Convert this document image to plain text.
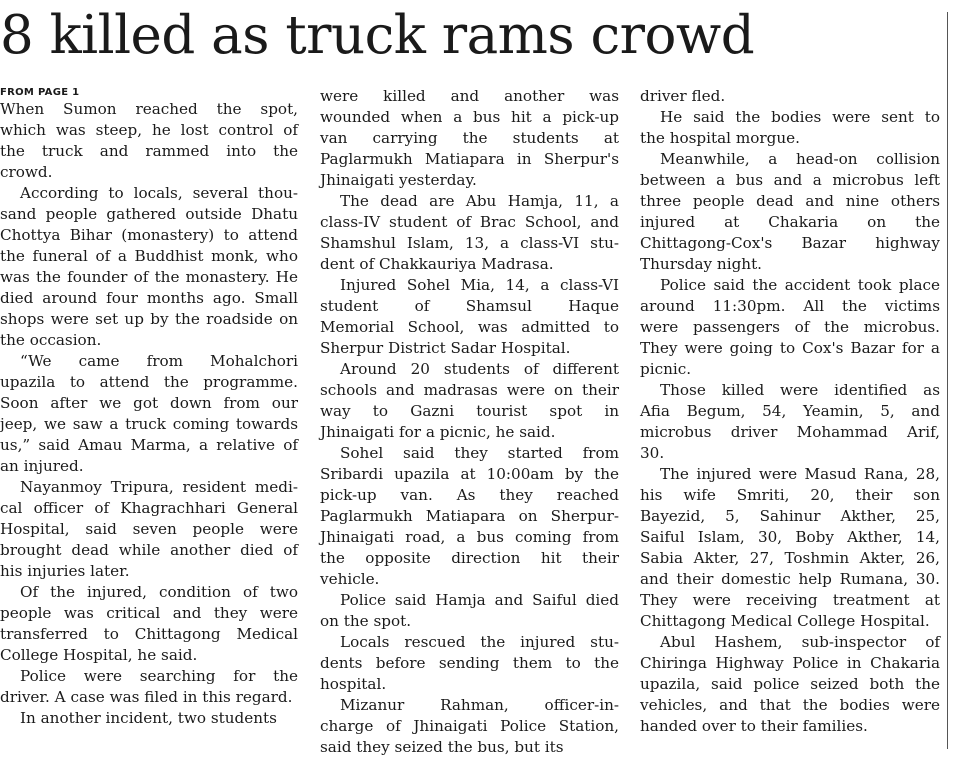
8 killed as truck rams crowd
FROM PAGE 1

When Sumon reached the spot,
which was steep, he lost control of
the truck and rammed into the
crowd.

According to locals, several thou-
sand people gathered outside Dhatu
Chottya Bihar (monastery) to attend
the funeral of a Buddhist monk, who
was the founder of the monastery. He
died around four months ago. Small
shops were set up by the roadside on
the occasion.

“We came from Mohalchori
upazila to attend the programme.
Soon after we got down from our
jeep, we saw a truck coming towards
us,” said Amau Marma, a relative of
an injured.

Nayanmoy Tripura, resident medi-
cal officer of Khagrachhari General
Hospital, said seven people were
brought dead while another died of
his injuries later.

Of the injured, condition of two
people was critical and they were
transferred to Chittagong Medical
College Hospital, he said.

Police were searching for the
driver. A case was filed in this regard.

In another incident, two students

were killed and another was
wounded when a bus hit a pick-up
van carrying the students at
Paglarmukh Matiapara in Sherpur's
Jhinaigati yesterday.

The dead are Abu Hamja, 11, a
class-IV student of Brac School, and
Shamshul Islam, 13, a class-VI stu-
dent of Chakkauriya Madrasa.

Injured Sohel Mia, 14, a class-VI
student of Shamsul Haque
Memorial School, was admitted to
Sherpur District Sadar Hospital.

Around 20 students of different
schools and madrasas were on their
way to Gazni tourist spot in
Jhinaigati for a picnic, he said.

Sohel said they started from
Sribardi upazila at 10:00am by the
pick-up van. As they reached
Paglarmukh Matiapara on Sherpur-
Jhinaigati road, a bus coming from
the opposite direction hit their vehicle.

Police said Hamja and Saiful died
on the spot.

Locals rescued the injured stu-
dents before sending them to the
hospital.

Mizanur Rahman, officer-in-
charge of Jhinaigati Police Station,
said they seized the bus, but its

driver fled.

He said the bodies were sent to
the hospital morgue.

Meanwhile, a head-on collision
between a bus and a microbus left
three people dead and nine others
injured at Chakaria on the
Chittagong-Cox's Bazar highway
Thursday night.

Police said the accident took place
around 11:30pm. All the victims
were passengers of the microbus.
They were going to Cox's Bazar for a
picnic.

Those killed were identified as
Afia Begum, 54, Yeamin, 5, and
microbus driver Mohammad Arif,
30.

The injured were Masud Rana, 28,
his wife Smriti, 20, their son
Bayezid, 5, Sahinur Akther, 25,
Saiful Islam, 30, Boby Akther, 14,
Sabia Akter, 27, Toshmin Akter, 26,
and their domestic help Rumana, 30.
They were receiving treatment at
Chittagong Medical College Hospital.

Abul Hashem, sub-inspector of
Chiringa Highway Police in Chakaria
upazila, said police seized both the
vehicles, and that the bodies were
handed over to their families.
